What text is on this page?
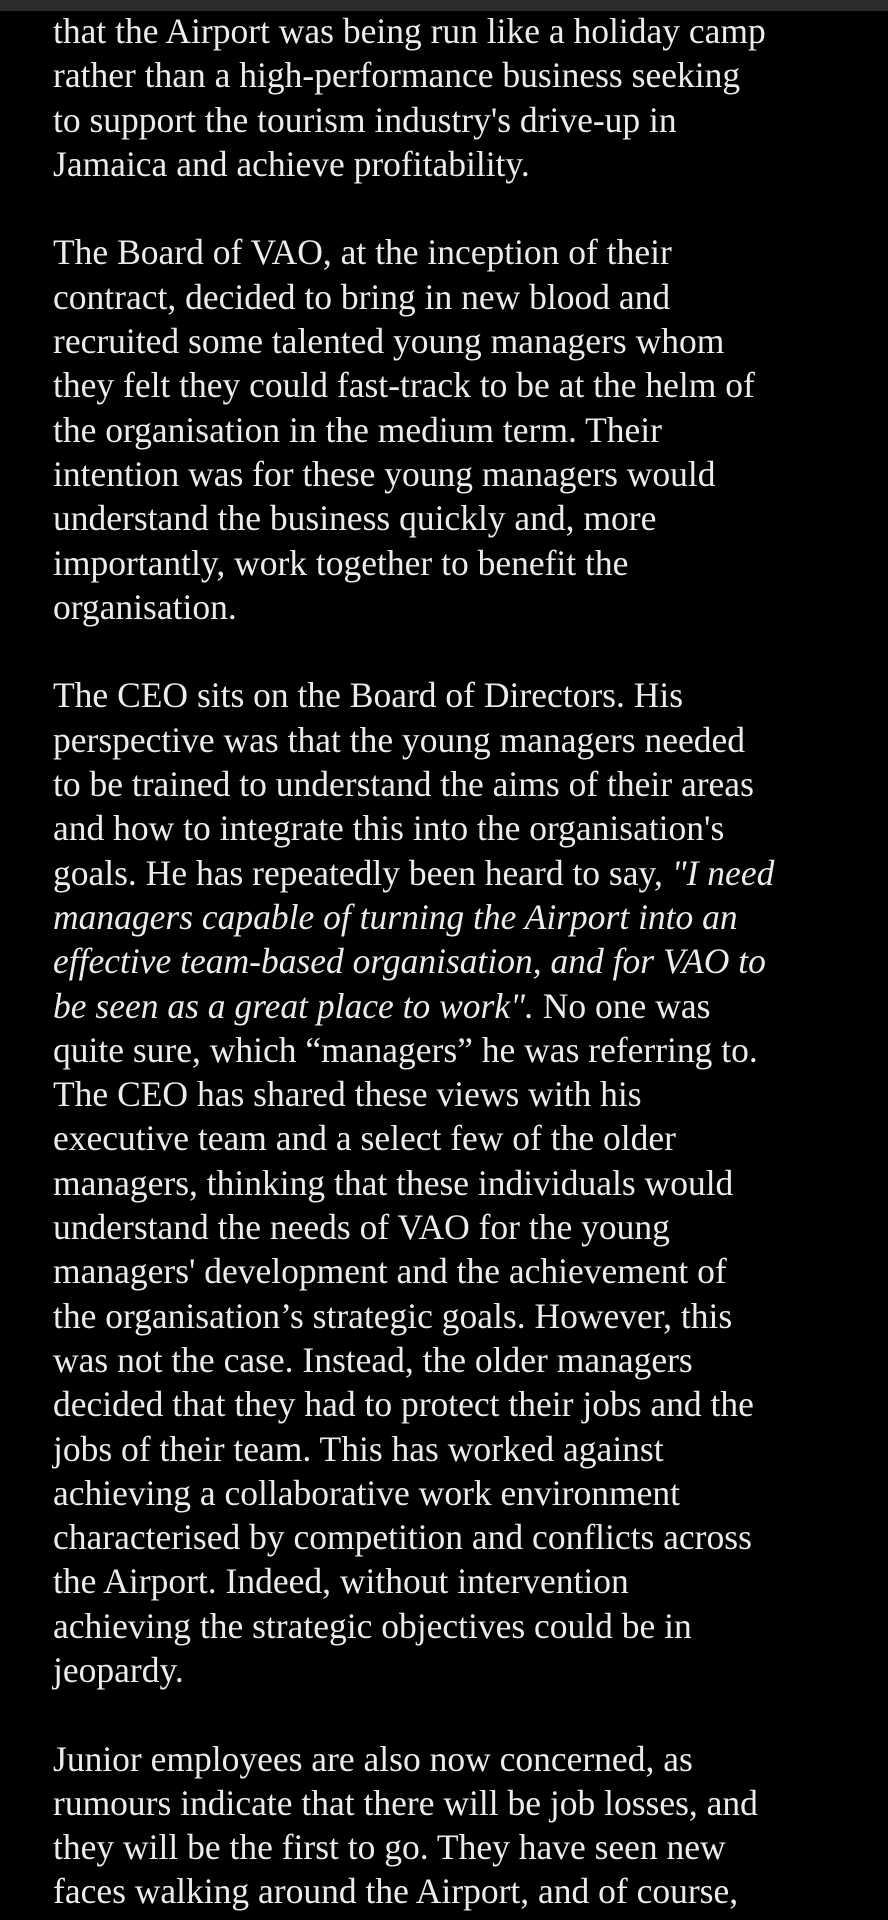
that the Airport was being run like a holiday camp
rather than a high-performance business seeking
to support the tourism industry's drive-up in
Jamaica and achieve profitability.
The Board of VAO, at the inception of their
contract, decided to bring in new blood and
recruited some talented young managers whom
they felt they could fast-track to be at the helm of
the organisation in the medium term. Their
intention was for these young managers would
understand the business quickly and, more
importantly, work together to benefit the
organisation.
The CEO sits on the Board of Directors. His
perspective was that the young managers needed
to be trained to understand the aims of their areas
and how to integrate this into the organisation's
goals. He has repeatedly been heard to say, "I need
managers capable of turning the Airport into an
effective team-based organisation, and for VAO to
be seen as a great place to work". No one was
quite sure, which “managers” he was referring to.
The CEO has shared these views with his
executive team and a select few of the older
managers, thinking that these individuals would
understand the needs of VAO for the young
managers' development and the achievement of
the organisation’s strategic goals. However, this
was not the case. Instead, the older managers
decided that they had to protect their jobs and the
jobs of their team. This has worked against
achieving a collaborative work environment
characterised by competition and conflicts across
the Airport. Indeed, without intervention
achieving the strategic objectives could be in
jeopardy.
Junior employees are also now concerned, as
rumours indicate that there will be job losses, and
they will be the first to go. They have seen new
faces walking around the Airport, and of course,
